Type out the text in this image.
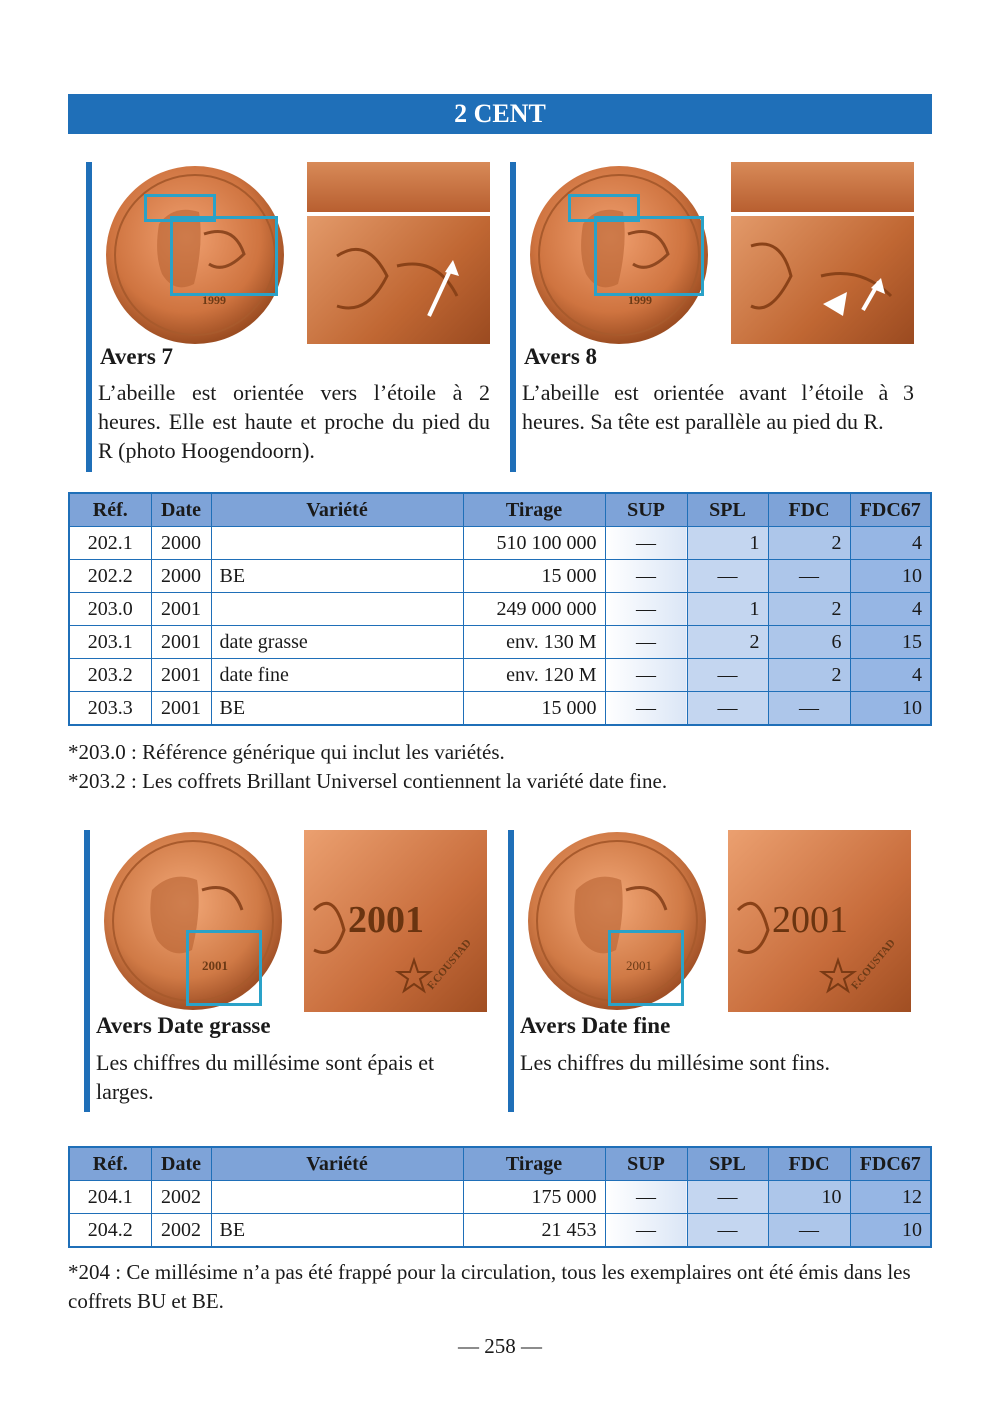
2 CENT
1999
Avers 7
L’abeille est orientée vers l’étoile à 2 heures. Elle est haute et proche du pied du R (photo Hoogendoorn).
1999
Avers 8
L’abeille est orientée avant l’étoile à 3 heures. Sa tête est parallèle au pied du R.
Réf.	Date	Variété	Tirage	SUP	SPL	FDC	FDC67
202.1	2000		510 100 000	—	1	2	4
202.2	2000	BE	15 000	—	—	—	10
203.0	2001		249 000 000	—	1	2	4
203.1	2001	date grasse	env. 130 M	—	2	6	15
203.2	2001	date fine	env. 120 M	—	—	2	4
203.3	2001	BE	15 000	—	—	—	10
*203.0 : Référence générique qui inclut les variétés.
*203.2 : Les coffrets Brillant Universel contiennent la variété date fine.
2001
2001
F.COUSTAD
Avers Date grasse
Les chiffres du millésime sont épais et larges.
2001
2001
F.COUSTAD
Avers Date fine
Les chiffres du millésime sont fins.
Réf.	Date	Variété	Tirage	SUP	SPL	FDC	FDC67
204.1	2002		175 000	—	—	10	12
204.2	2002	BE	21 453	—	—	—	10
*204 : Ce millésime n’a pas été frappé pour la circulation, tous les exemplaires ont été émis dans les coffrets BU et BE.
— 258 —
